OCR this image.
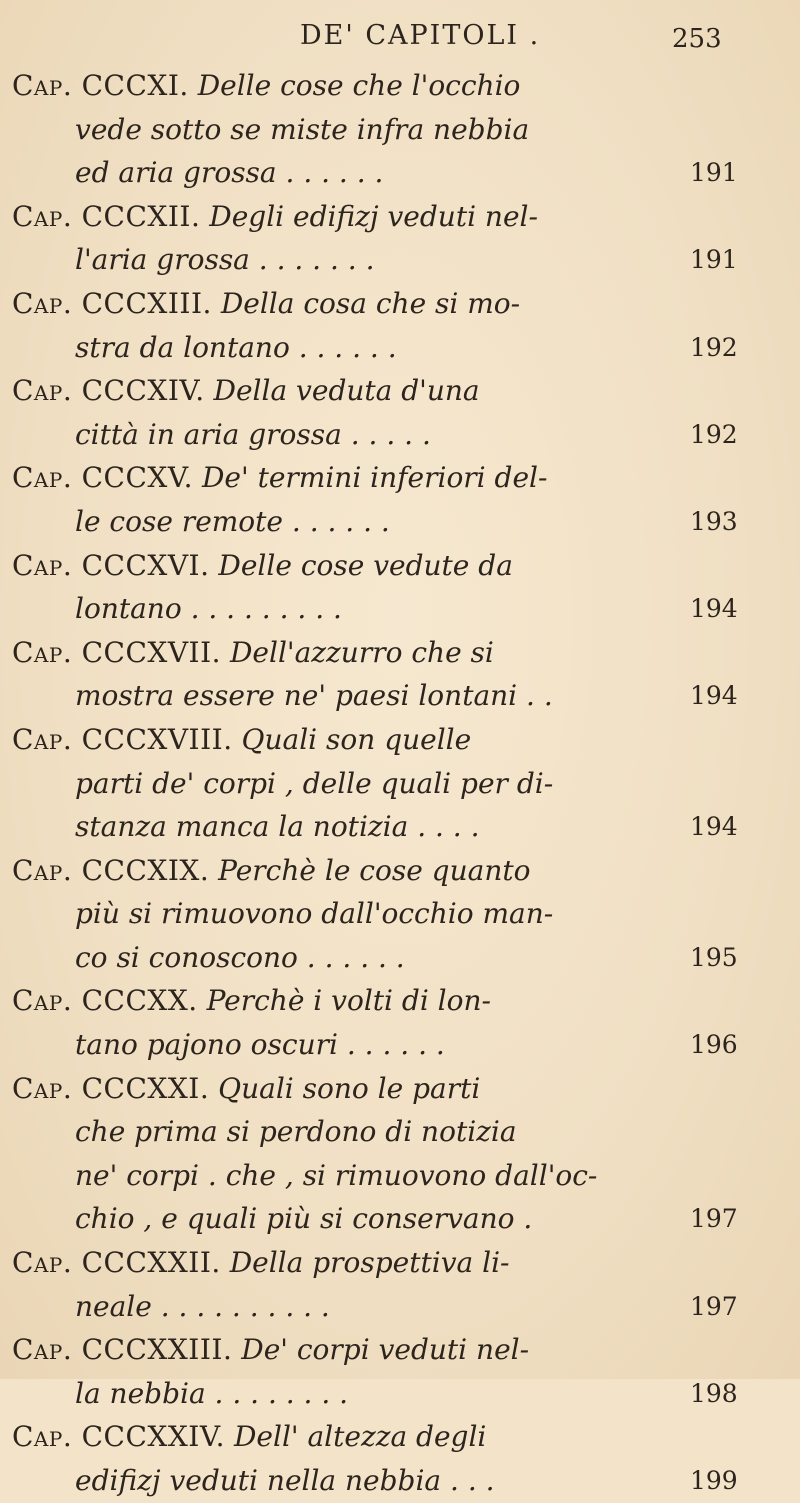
DE' CAPITOLI .	253
Cap. CCCXI. Delle cose che l'occhio
vede sotto se miste infra nebbia
ed aria grossa . . . . . .	191
Cap. CCCXII. Degli edifizj veduti nel-
l'aria grossa . . . . . . .	191
Cap. CCCXIII. Della cosa che si mo-
stra da lontano . . . . . .	192
Cap. CCCXIV. Della veduta d'una
città in aria grossa . . . . .	192
Cap. CCCXV. De' termini inferiori del-
le cose remote . . . . . .	193
Cap. CCCXVI. Delle cose vedute da
lontano . . . . . . . . .	194
Cap. CCCXVII. Dell'azzurro che si
mostra essere ne' paesi lontani . .	194
Cap. CCCXVIII. Quali son quelle
parti de' corpi , delle quali per di-
stanza manca la notizia . . . .	194
Cap. CCCXIX. Perchè le cose quanto
più si rimuovono dall'occhio man-
co si conoscono . . . . . .	195
Cap. CCCXX. Perchè i volti di lon-
tano pajono oscuri . . . . . .	196
Cap. CCCXXI. Quali sono le parti
che prima si perdono di notizia
ne' corpi . che , si rimuovono dall'oc-
chio , e quali più si conservano .	197
Cap. CCCXXII. Della prospettiva li-
neale . . . . . . . . . .	197
Cap. CCCXXIII. De' corpi veduti nel-
la nebbia . . . . . . . .	198
Cap. CCCXXIV. Dell' altezza degli
edifizj veduti nella nebbia . . .	199
